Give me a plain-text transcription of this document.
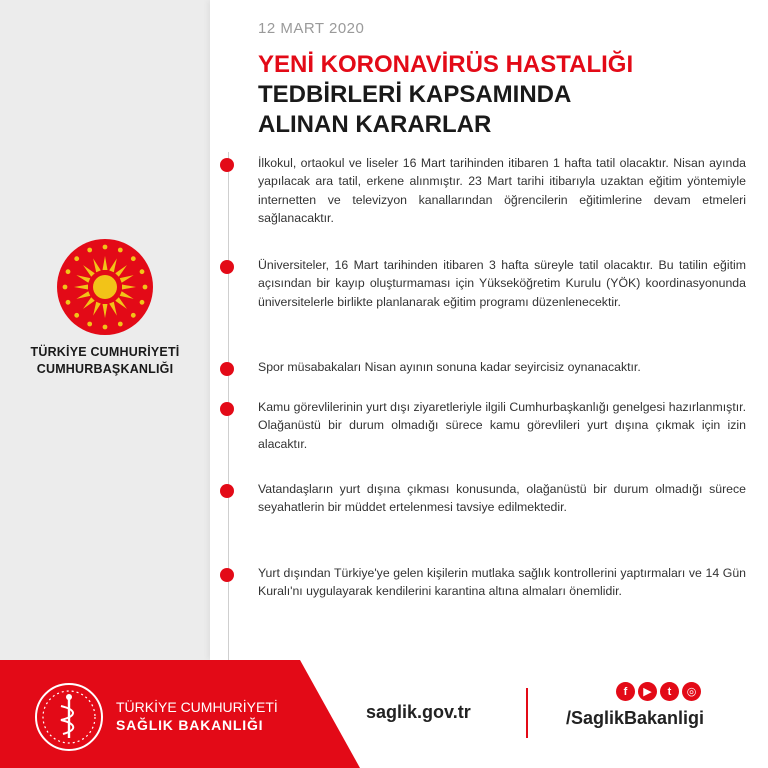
TÜRKİYE CUMHURİYETİ
CUMHURBAŞKANLIĞI
12 MART 2020
YENİ KORONAVİRÜS HASTALIĞI
TEDBİRLERİ KAPSAMINDA
ALINAN KARARLAR
İlkokul, ortaokul ve liseler 16 Mart tarihinden itibaren 1 hafta tatil olacaktır. Nisan ayında yapılacak ara tatil, erkene alınmıştır. 23 Mart tarihi itibarıyla uzaktan eğitim yöntemiyle internetten ve televizyon kanallarından öğrencilerin eğitimlerine devam etmeleri sağlanacaktır.
Üniversiteler, 16 Mart tarihinden itibaren 3 hafta süreyle tatil olacaktır. Bu tatilin eğitim açısından bir kayıp oluşturmaması için Yükseköğretim Kurulu (YÖK) koordinasyonunda üniversitelerle birlikte planlanarak eğitim programı düzenlenecektir.
Spor müsabakaları Nisan ayının sonuna kadar seyircisiz oynanacaktır.
Kamu görevlilerinin yurt dışı ziyaretleriyle ilgili Cumhurbaşkanlığı genelgesi hazırlanmıştır. Olağanüstü bir durum olmadığı sürece kamu görevlileri yurt dışına çıkmak için izin alacaktır.
Vatandaşların yurt dışına çıkması konusunda, olağanüstü bir durum olmadığı sürece seyahatlerin bir müddet ertelenmesi tavsiye edilmektedir.
Yurt dışından Türkiye'ye gelen kişilerin mutlaka sağlık kontrollerini yaptırmaları ve 14 Gün Kuralı'nı uygulayarak kendilerini karantina altına almaları önemlidir.
TÜRKİYE CUMHURİYETİ
SAĞLIK BAKANLIĞI
saglik.gov.tr
f	▶	t	◎
/SaglikBakanligi
